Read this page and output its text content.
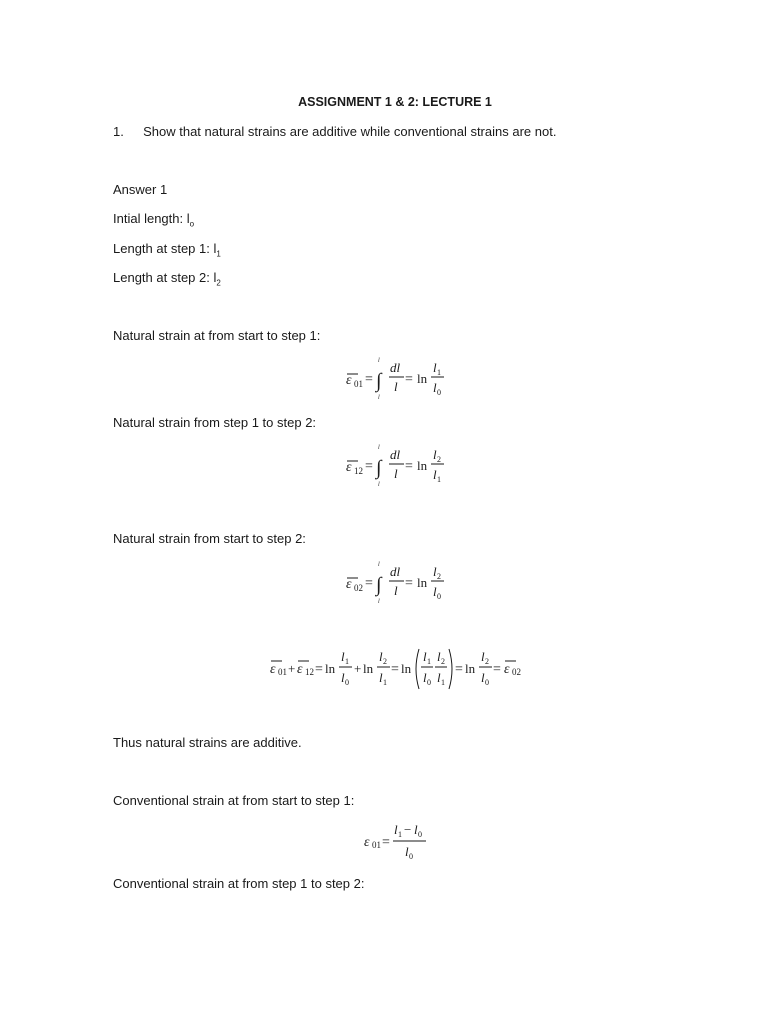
ASSIGNMENT 1 & 2: LECTURE 1
1. Show that natural strains are additive while conventional strains are not.
Answer 1
Intial length: $l_o$
Length at step 1: $l_1$
Length at step 2: $l_2$
Natural strain at from start to step 1:
ε 01 = ∫
l
l
dl
l = ln
l 1
l 0
Natural strain from step 1 to step 2:
ε 12 = ∫
l
l
dl
l = ln
l 2
l 1
Natural strain from start to step 2:
ε 02 = ∫
l
l
dl
l = ln
l 2
l 0
ε 01 + ε 12 = ln
l 1
l 0
+ ln
l 2
l 1
= ln
l 1
l 0
l 2
l 1
= ln
l 2
l 0
= ε 02
Thus natural strains are additive.
Conventional strain at from start to step 1:
ε 01 =
l 1 − l 0
l 0
Conventional strain at from step 1 to step 2:
